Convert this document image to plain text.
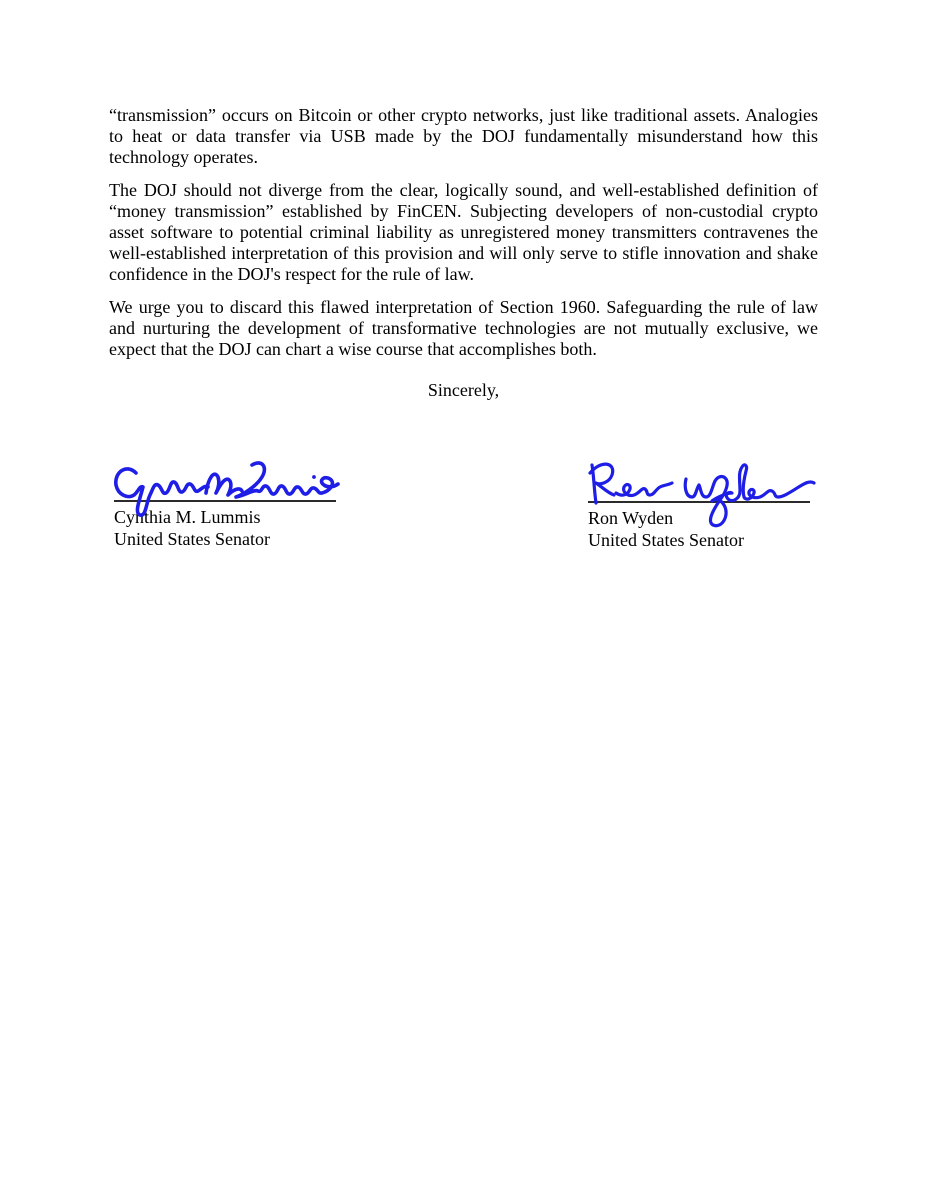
“transmission” occurs on Bitcoin or other crypto networks, just like traditional assets. Analogies to heat or data transfer via USB made by the DOJ fundamentally misunderstand how this technology operates.

The DOJ should not diverge from the clear, logically sound, and well-established definition of “money transmission” established by FinCEN. Subjecting developers of non-custodial crypto asset software to potential criminal liability as unregistered money transmitters contravenes the well-established interpretation of this provision and will only serve to stifle innovation and shake confidence in the DOJ's respect for the rule of law.

We urge you to discard this flawed interpretation of Section 1960. Safeguarding the rule of law and nurturing the development of transformative technologies are not mutually exclusive, we expect that the DOJ can chart a wise course that accomplishes both.

Sincerely,

Cynthia M. Lummis
United States Senator
Ron Wyden
United States Senator
